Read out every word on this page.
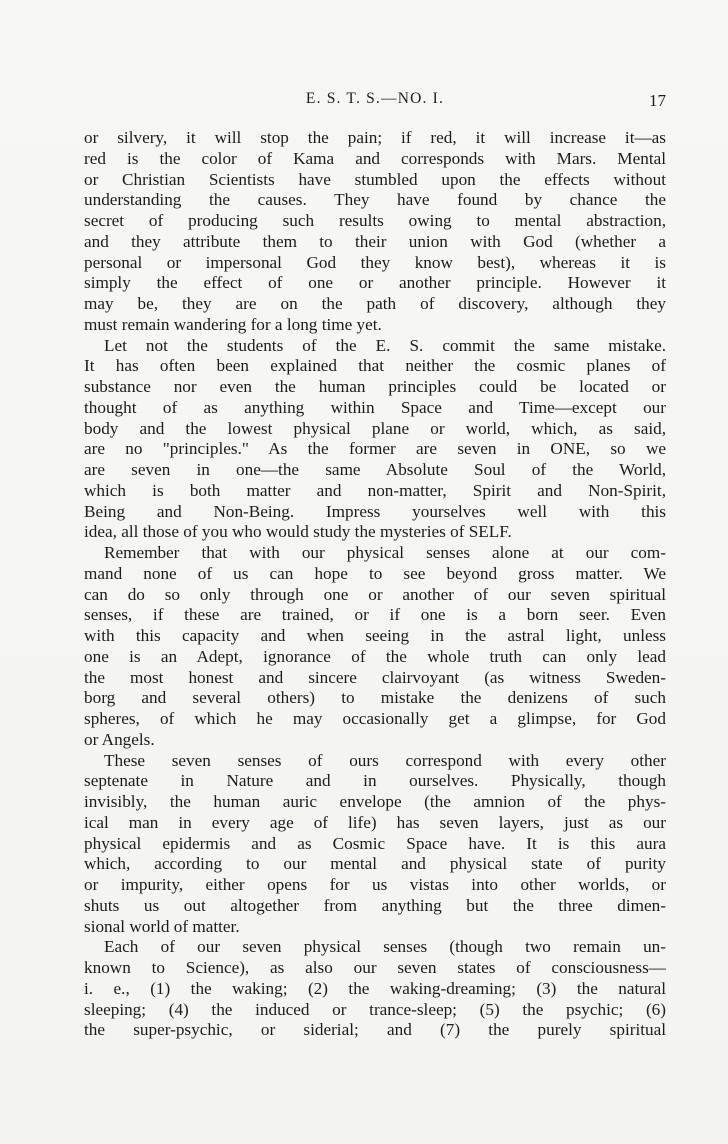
E. S. T. S.—NO. I.	17
or silvery, it will stop the pain; if red, it will increase it—as
red is the color of Kama and corresponds with Mars. Mental
or Christian Scientists have stumbled upon the effects without
understanding the causes. They have found by chance the
secret of producing such results owing to mental abstraction,
and they attribute them to their union with God (whether a
personal or impersonal God they know best), whereas it is
simply the effect of one or another principle. However it
may be, they are on the path of discovery, although they
must remain wandering for a long time yet.
Let not the students of the E. S. commit the same mistake.
It has often been explained that neither the cosmic planes of
substance nor even the human principles could be located or
thought of as anything within Space and Time—except our
body and the lowest physical plane or world, which, as said,
are no "principles." As the former are seven in ONE, so we
are seven in one—the same Absolute Soul of the World,
which is both matter and non-matter, Spirit and Non-Spirit,
Being and Non-Being. Impress yourselves well with this
idea, all those of you who would study the mysteries of SELF.
Remember that with our physical senses alone at our com-
mand none of us can hope to see beyond gross matter. We
can do so only through one or another of our seven spiritual
senses, if these are trained, or if one is a born seer. Even
with this capacity and when seeing in the astral light, unless
one is an Adept, ignorance of the whole truth can only lead
the most honest and sincere clairvoyant (as witness Sweden-
borg and several others) to mistake the denizens of such
spheres, of which he may occasionally get a glimpse, for God
or Angels.
These seven senses of ours correspond with every other
septenate in Nature and in ourselves. Physically, though
invisibly, the human auric envelope (the amnion of the phys-
ical man in every age of life) has seven layers, just as our
physical epidermis and as Cosmic Space have. It is this aura
which, according to our mental and physical state of purity
or impurity, either opens for us vistas into other worlds, or
shuts us out altogether from anything but the three dimen-
sional world of matter.
Each of our seven physical senses (though two remain un-
known to Science), as also our seven states of consciousness—
i. e., (1) the waking; (2) the waking-dreaming; (3) the natural
sleeping; (4) the induced or trance-sleep; (5) the psychic; (6)
the super-psychic, or siderial; and (7) the purely spiritual
